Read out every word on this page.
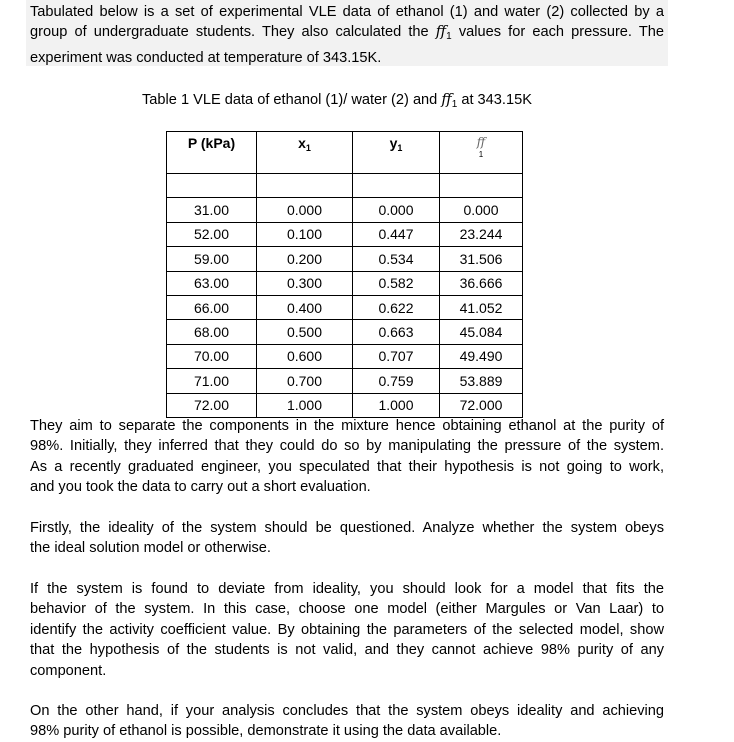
Tabulated below is a set of experimental VLE data of ethanol (1) and water (2) collected by a
group of undergraduate students. They also calculated the $ff_1$ values for each pressure. The
experiment was conducted at temperature of 343.15K.
Table 1 VLE data of ethanol (1)/ water (2) and $ff_1$ at 343.15K
P (kPa)	$x_1$	$y_1$	ff
1

31.00	0.000	0.000	0.000
52.00	0.100	0.447	23.244
59.00	0.200	0.534	31.506
63.00	0.300	0.582	36.666
66.00	0.400	0.622	41.052
68.00	0.500	0.663	45.084
70.00	0.600	0.707	49.490
71.00	0.700	0.759	53.889
72.00	1.000	1.000	72.000
They aim to separate the components in the mixture hence obtaining ethanol at the purity of
98%. Initially, they inferred that they could do so by manipulating the pressure of the system.
As a recently graduated engineer, you speculated that their hypothesis is not going to work,
and you took the data to carry out a short evaluation.
Firstly, the ideality of the system should be questioned. Analyze whether the system obeys
the ideal solution model or otherwise.
If the system is found to deviate from ideality, you should look for a model that fits the
behavior of the system. In this case, choose one model (either Margules or Van Laar) to
identify the activity coefficient value. By obtaining the parameters of the selected model, show
that the hypothesis of the students is not valid, and they cannot achieve 98% purity of any
component.
On the other hand, if your analysis concludes that the system obeys ideality and achieving
98% purity of ethanol is possible, demonstrate it using the data available.
